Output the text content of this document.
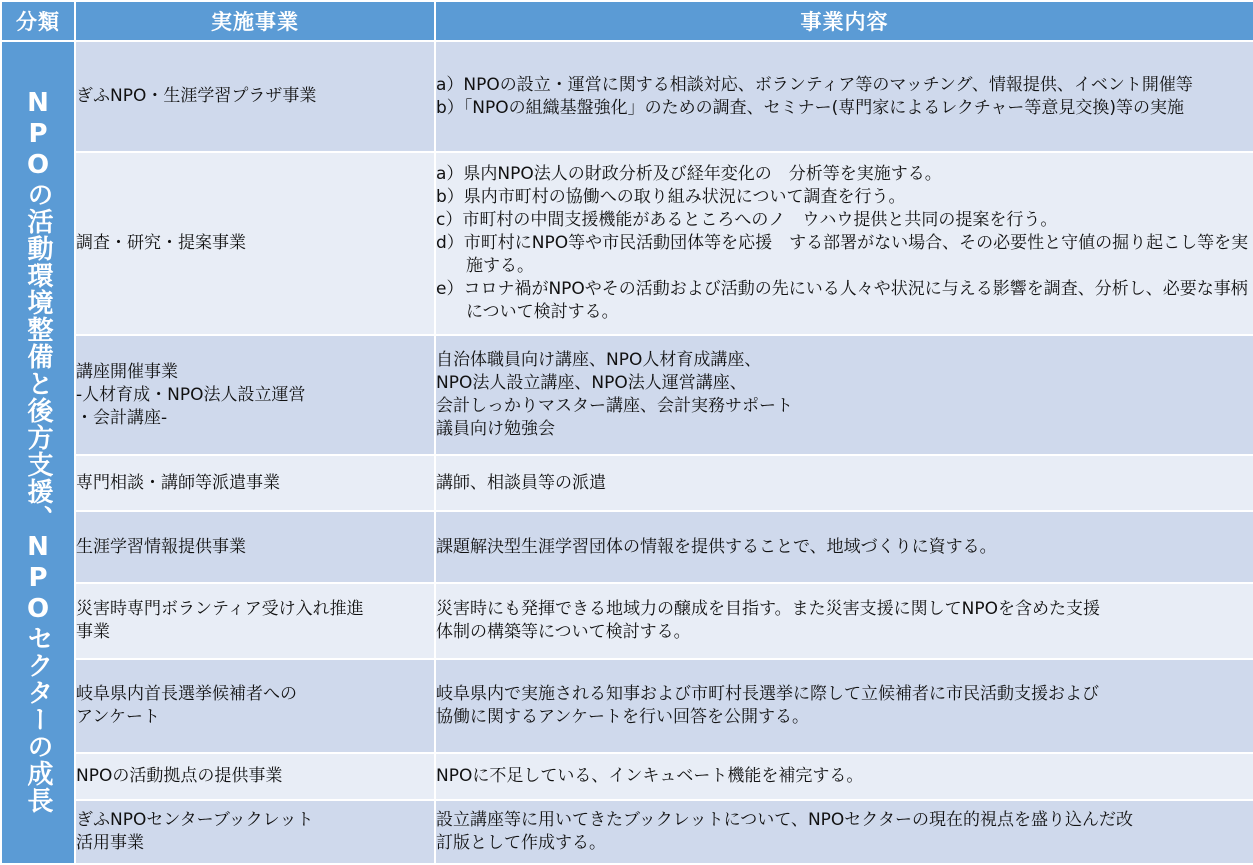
分類	実施事業	事業内容
NPOの活動環境整備と後方支援、NPOセクターの成長	ぎふNPO・生涯学習プラザ事業	a）NPOの設立・運営に関する相談対応、ボランティア等のマッチング、情報提供、イベント開催等
b）「NPOの組織基盤強化」のための調査、セミナー(専門家によるレクチャー等意見交換)等の実施

	調査・研究・提案事業	a）県内NPO法人の財政分析及び経年変化の　分析等を実施する。
b）県内市町村の協働への取り組み状況について調査を行う。
c）市町村の中間支援機能があるところへのノ　ウハウ提供と共同の提案を行う。
d）市町村にNPO等や市民活動団体等を応援　する部署がない場合、その必要性と守値の掘り起こし等を実施する。
e）コロナ禍がNPOやその活動および活動の先にいる人々や状況に与える影響を調査、分析し、必要な事柄について検討する。

	講座開催事業
-人材育成・NPO法人設立運営
・会計講座-	自治体職員向け講座、NPO人材育成講座、
NPO法人設立講座、NPO法人運営講座、
会計しっかりマスター講座、会計実務サポート
議員向け勉強会

	専門相談・講師等派遣事業	講師、相談員等の派遣

	生涯学習情報提供事業	課題解決型生涯学習団体の情報を提供することで、地域づくりに資する。

	災害時専門ボランティア受け入れ推進
事業	災害時にも発揮できる地域力の醸成を目指す。また災害支援に関してNPOを含めた支援
体制の構築等について検討する。

	岐阜県内首長選挙候補者への
アンケート	岐阜県内で実施される知事および市町村長選挙に際して立候補者に市民活動支援および
協働に関するアンケートを行い回答を公開する。

	NPOの活動拠点の提供事業	NPOに不足している、インキュベート機能を補完する。

	ぎふNPOセンターブックレット
活用事業	設立講座等に用いてきたブックレットについて、NPOセクターの現在的視点を盛り込んだ改
訂版として作成する。
